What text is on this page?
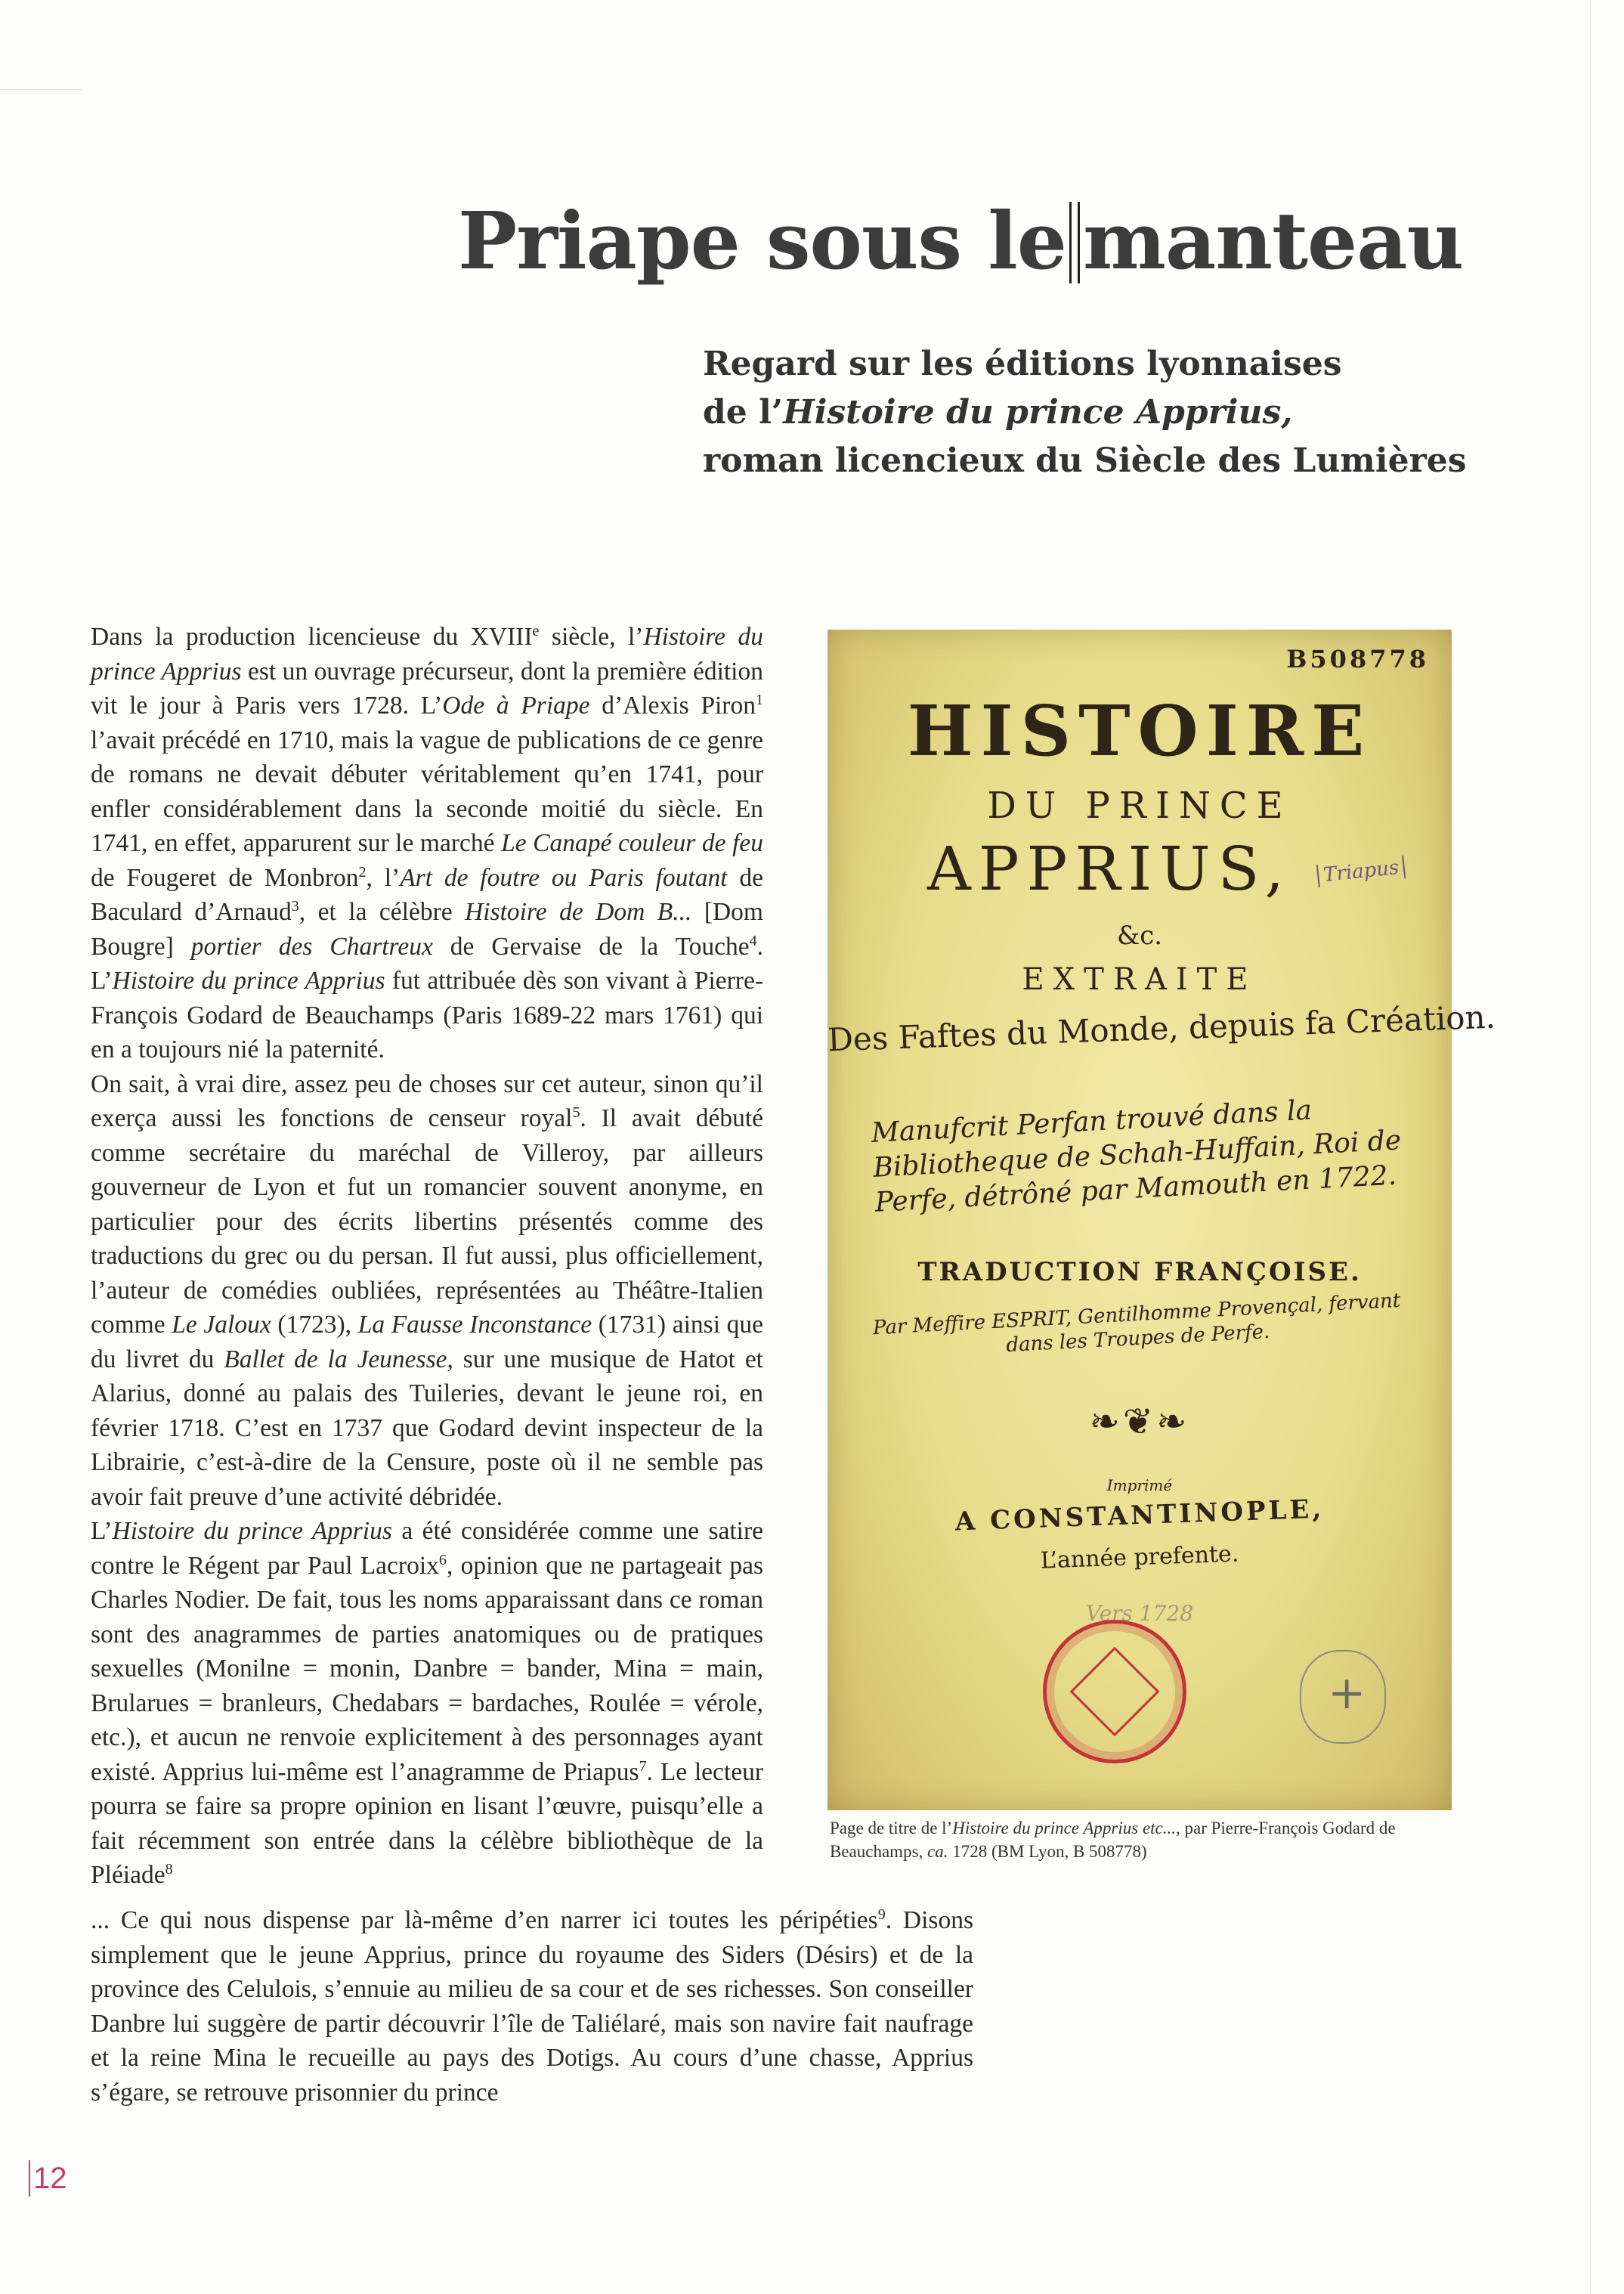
Priape sous le manteau
Regard sur les éditions lyonnaises
de l’Histoire du prince Apprius,
roman licencieux du Siècle des Lumières

Dans la production licencieuse du XVIIIe siècle, l’Histoire du prince Apprius est un ouvrage précurseur, dont la première édition vit le jour à Paris vers 1728. L’Ode à Priape d’Alexis Piron$^1$ l’avait précédé en 1710, mais la vague de publications de ce genre de romans ne devait débuter véritablement qu’en 1741, pour enfler considérablement dans la seconde moitié du siècle. En 1741, en effet, apparurent sur le marché Le Canapé couleur de feu de Fougeret de Monbron$^2$, l’Art de foutre ou Paris foutant de Baculard d’Arnaud$^3$, et la célèbre Histoire de Dom B... [Dom Bougre] portier des Chartreux de Gervaise de la Touche$^4$. L’Histoire du prince Apprius fut attribuée dès son vivant à Pierre-François Godard de Beauchamps (Paris 1689-22 mars 1761) qui en a toujours nié la paternité.

On sait, à vrai dire, assez peu de choses sur cet auteur, sinon qu’il exerça aussi les fonctions de censeur royal$^5$. Il avait débuté comme secrétaire du maréchal de Villeroy, par ailleurs gouverneur de Lyon et fut un romancier souvent anonyme, en particulier pour des écrits libertins présentés comme des traductions du grec ou du persan. Il fut aussi, plus officiellement, l’auteur de comédies oubliées, représentées au Théâtre-Italien comme Le Jaloux (1723), La Fausse Inconstance (1731) ainsi que du livret du Ballet de la Jeunesse, sur une musique de Hatot et Alarius, donné au palais des Tuileries, devant le jeune roi, en février 1718. C’est en 1737 que Godard devint inspecteur de la Librairie, c’est-à-dire de la Censure, poste où il ne semble pas avoir fait preuve d’une activité débridée.

L’Histoire du prince Apprius a été considérée comme une satire contre le Régent par Paul Lacroix$^6$, opinion que ne partageait pas Charles Nodier. De fait, tous les noms apparaissant dans ce roman sont des anagrammes de parties anatomiques ou de pratiques sexuelles (Monilne = monin, Danbre = bander, Mina = main, Brularues = branleurs, Chedabars = bardaches, Roulée = vérole, etc.), et aucun ne renvoie explicitement à des personnages ayant existé. Apprius lui-même est l’anagramme de Priapus$^7$. Le lecteur pourra se faire sa propre opinion en lisant l’œuvre, puisqu’elle a fait récemment son entrée dans la célèbre bibliothèque de la Pléiade$^8$

... Ce qui nous dispense par là-même d’en narrer ici toutes les péripéties$^9$. Disons simplement que le jeune Apprius, prince du royaume des Siders (Désirs) et de la province des Celulois, s’ennuie au milieu de sa cour et de ses richesses. Son conseiller Danbre lui suggère de partir découvrir l’île de Taliélaré, mais son navire fait naufrage et la reine Mina le recueille au pays des Dotigs. Au cours d’une chasse, Apprius s’égare, se retrouve prisonnier du prince

B508778
HISTOIRE
DU PRINCE
APPRIUS,	Triapus
&c.
EXTRAITE
Des Faftes du Monde, depuis fa Création.
Manufcrit Perfan trouvé dans la Bibliotheque de Schah-Huffain, Roi de Perfe, détrôné par Mamouth en 1722.
TRADUCTION FRANÇOISE.
Par Meffire ESPRIT, Gentilhomme Provençal, fervant dans les Troupes de Perfe.
❧❦❧
Imprimé
A CONSTANTINOPLE,
L’année prefente.
Vers 1728
+
Page de titre de l’Histoire du prince Apprius etc..., par Pierre-François Godard de Beauchamps, ca. 1728 (BM Lyon, B 508778)
12
